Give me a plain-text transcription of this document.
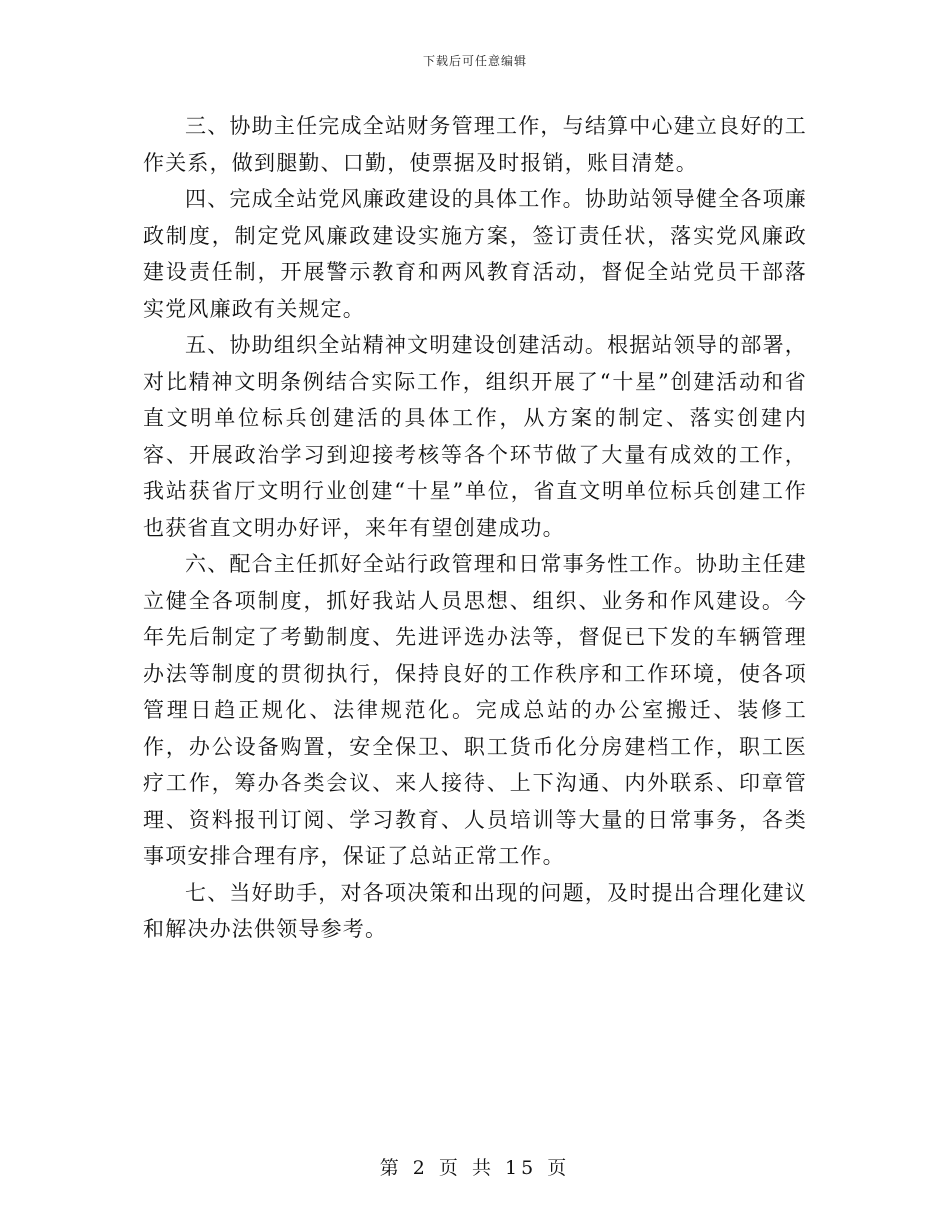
下载后可任意编辑

三、协助主任完成全站财务管理工作，与结算中心建立良好的工作关系，做到腿勤、口勤，使票据及时报销，账目清楚。

四、完成全站党风廉政建设的具体工作。协助站领导健全各项廉政制度，制定党风廉政建设实施方案，签订责任状，落实党风廉政建设责任制，开展警示教育和两风教育活动，督促全站党员干部落实党风廉政有关规定。

五、协助组织全站精神文明建设创建活动。根据站领导的部署，对比精神文明条例结合实际工作，组织开展了“十星”创建活动和省直文明单位标兵创建活的具体工作，从方案的制定、落实创建内容、开展政治学习到迎接考核等各个环节做了大量有成效的工作，我站获省厅文明行业创建“十星”单位，省直文明单位标兵创建工作也获省直文明办好评，来年有望创建成功。

六、配合主任抓好全站行政管理和日常事务性工作。协助主任建立健全各项制度，抓好我站人员思想、组织、业务和作风建设。今年先后制定了考勤制度、先进评选办法等，督促已下发的车辆管理办法等制度的贯彻执行，保持良好的工作秩序和工作环境，使各项管理日趋正规化、法律规范化。完成总站的办公室搬迁、装修工作，办公设备购置，安全保卫、职工货币化分房建档工作，职工医疗工作，筹办各类会议、来人接待、上下沟通、内外联系、印章管理、资料报刊订阅、学习教育、人员培训等大量的日常事务，各类事项安排合理有序，保证了总站正常工作。

七、当好助手，对各项决策和出现的问题，及时提出合理化建议和解决办法供领导参考。

第 2 页 共 15 页
